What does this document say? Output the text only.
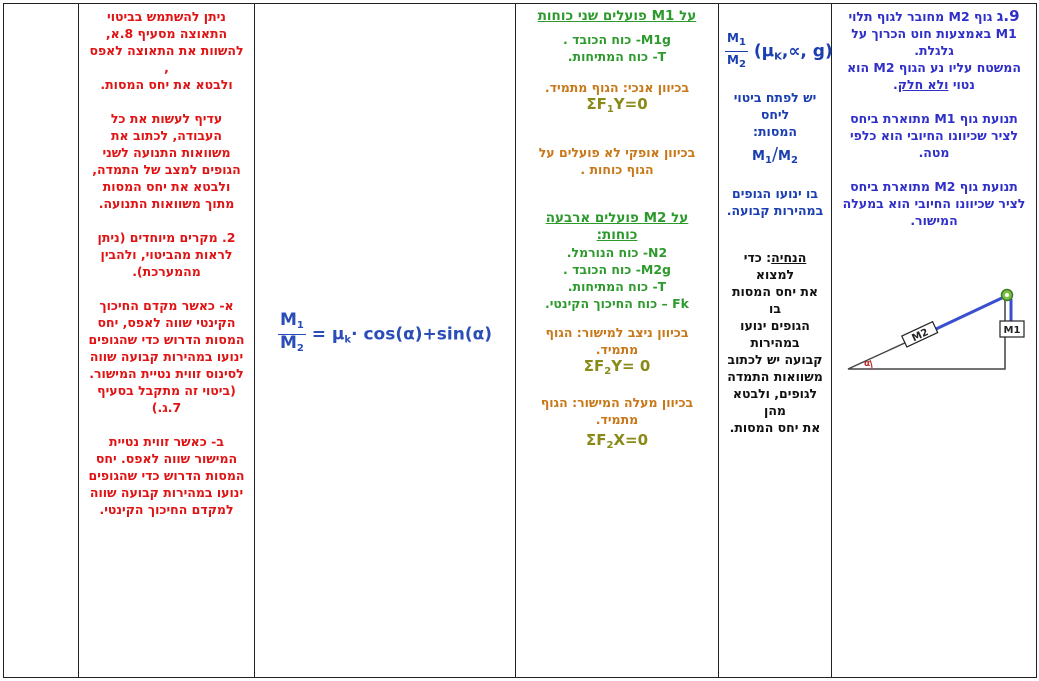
ניתן להשתמש בביטוי

התאוצה מסעיף 8.א,

להשוות את התאוצה לאפס ,

ולבטא את יחס המסות.

עדיף לעשות את כל

העבודה, לכתוב את

משוואות התנועה לשני

הגופים למצב של התמדה,

ולבטא את יחס המסות

מתוך משוואות התנועה.

2. מקרים מיוחדים (ניתן

לראות מהביטוי, ולהבין

מהמערכת).

א- כאשר מקדם החיכוך

הקינטי שווה לאפס, יחס

המסות הדרוש כדי שהגופים

ינועו במהירות קבועה שווה

לסינוס זווית נטיית המישור.

(ביטוי זה מתקבל בסעיף

7.ג.)

ב- כאשר זווית נטיית

המישור שווה לאפס. יחס

המסות הדרוש כדי שהגופים

ינועו במהירות קבועה שווה

למקדם החיכוך הקינטי.

$\frac{M_1}{M_2} = \mu_k\cdot \cos(\alpha)+\sin(\alpha)$

על M1 פועלים שני כוחות

M1g- כוח הכובד .

T- כוח המתיחות.

בכיוון אנכי: הגוף מתמיד.

$\Sigma F_1Y=0$

בכיוון אופקי לא פועלים על

הגוף כוחות .

על M2 פועלים ארבעה

כוחות:

N2- כוח הנורמל.

M2g- כוח הכובד .

T- כוח המתיחות.

Fk – כוח החיכוך הקינטי.

בכיוון ניצב למישור: הגוף

מתמיד.

$\Sigma F_2Y= 0$

בכיוון מעלה המישור: הגוף

מתמיד.

$\Sigma F_2X=0$

$\frac{M_1}{M_2} (\mu_K,\propto$, g)

יש לפתח ביטוי ליחס

המסות:

$M_1/M_2$

בו ינועו הגופים

במהירות קבועה.

הנחיה: כדי למצוא

את יחס המסות בו

הגופים ינועו במהירות

קבועה יש לכתוב

משוואות התמדה

לגופים, ולבטא מהן

את יחס המסות.

9.ג גוף M2 מחובר לגוף תלוי

M1 באמצעות חוט הכרוך על

גלגלת.

המשטח עליו נע הגוף M2 הוא

נטוי ולא חלק.

תנועת גוף M1 מתוארת ביחס

לציר שכיוונו החיובי הוא כלפי

מטה.

תנועת גוף M2 מתוארת ביחס

לציר שכיוונו החיובי הוא במעלה

המישור.

M2	M1
α
